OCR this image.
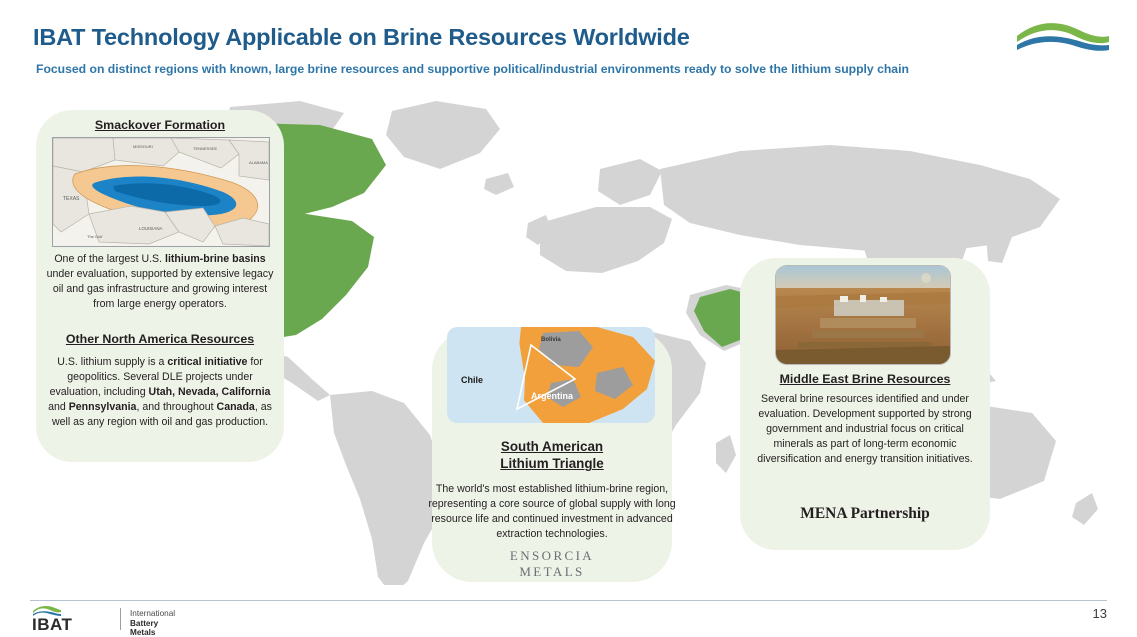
IBAT Technology Applicable on Brine Resources Worldwide
Focused on distinct regions with known, large brine resources and supportive political/industrial environments ready to solve the lithium supply chain
Smackover Formation
TEXAS
LOUISIANA
ALABAMA
TENNESSEE
MISSOURI
The Gulf
One of the largest U.S. lithium-brine basins under evaluation, supported by extensive legacy oil and gas infrastructure and growing interest from large energy operators.
Other North America Resources
U.S. lithium supply is a critical initiative for geopolitics. Several DLE projects under evaluation, including Utah, Nevada, California and Pennsylvania, and throughout Canada, as well as any region with oil and gas production.
Chile
Argentina
Bolivia
South American
Lithium Triangle
The world's most established lithium-brine region, representing a core source of global supply with long resource life and continued investment in advanced extraction technologies.
ENSORCIA
METALS
Middle East Brine Resources
Several brine resources identified and under evaluation. Development supported by strong government and industrial focus on critical minerals as part of long-term economic diversification and energy transition initiatives.
MENA Partnership
IBAT
International
Battery Metals
13
